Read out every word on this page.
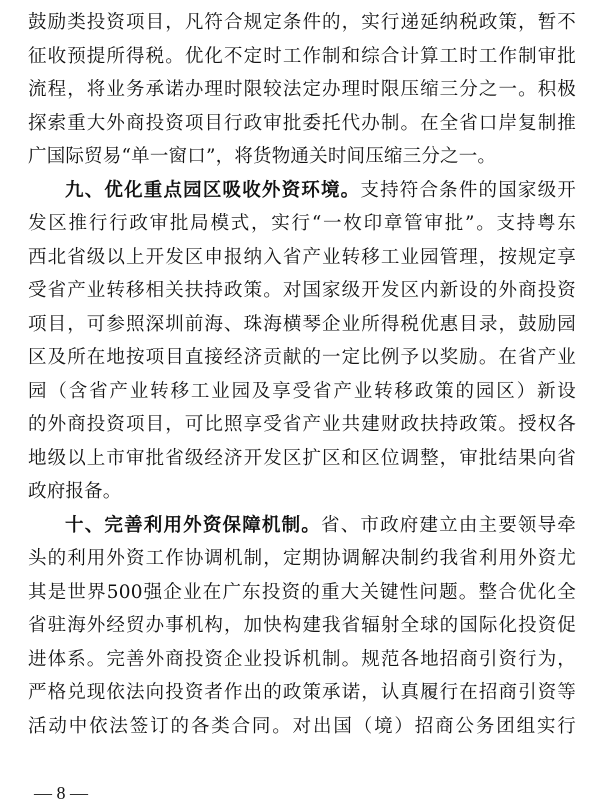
鼓励类投资项目，凡符合规定条件的，实行递延纳税政策，暂不
征收预提所得税。优化不定时工作制和综合计算工时工作制审批
流程，将业务承诺办理时限较法定办理时限压缩三分之一。积极
探索重大外商投资项目行政审批委托代办制。在全省口岸复制推
广国际贸易“单一窗口”，将货物通关时间压缩三分之一。
九、优化重点园区吸收外资环境。支持符合条件的国家级开
发区推行行政审批局模式，实行“一枚印章管审批”。支持粤东
西北省级以上开发区申报纳入省产业转移工业园管理，按规定享
受省产业转移相关扶持政策。对国家级开发区内新设的外商投资
项目，可参照深圳前海、珠海横琴企业所得税优惠目录，鼓励园
区及所在地按项目直接经济贡献的一定比例予以奖励。在省产业
园（含省产业转移工业园及享受省产业转移政策的园区）新设
的外商投资项目，可比照享受省产业共建财政扶持政策。授权各
地级以上市审批省级经济开发区扩区和区位调整，审批结果向省
政府报备。
十、完善利用外资保障机制。省、市政府建立由主要领导牵
头的利用外资工作协调机制，定期协调解决制约我省利用外资尤
其是世界500强企业在广东投资的重大关键性问题。整合优化全
省驻海外经贸办事机构，加快构建我省辐射全球的国际化投资促
进体系。完善外商投资企业投诉机制。规范各地招商引资行为，
严格兑现依法向投资者作出的政策承诺，认真履行在招商引资等
活动中依法签订的各类合同。对出国（境）招商公务团组实行
— 8 —
